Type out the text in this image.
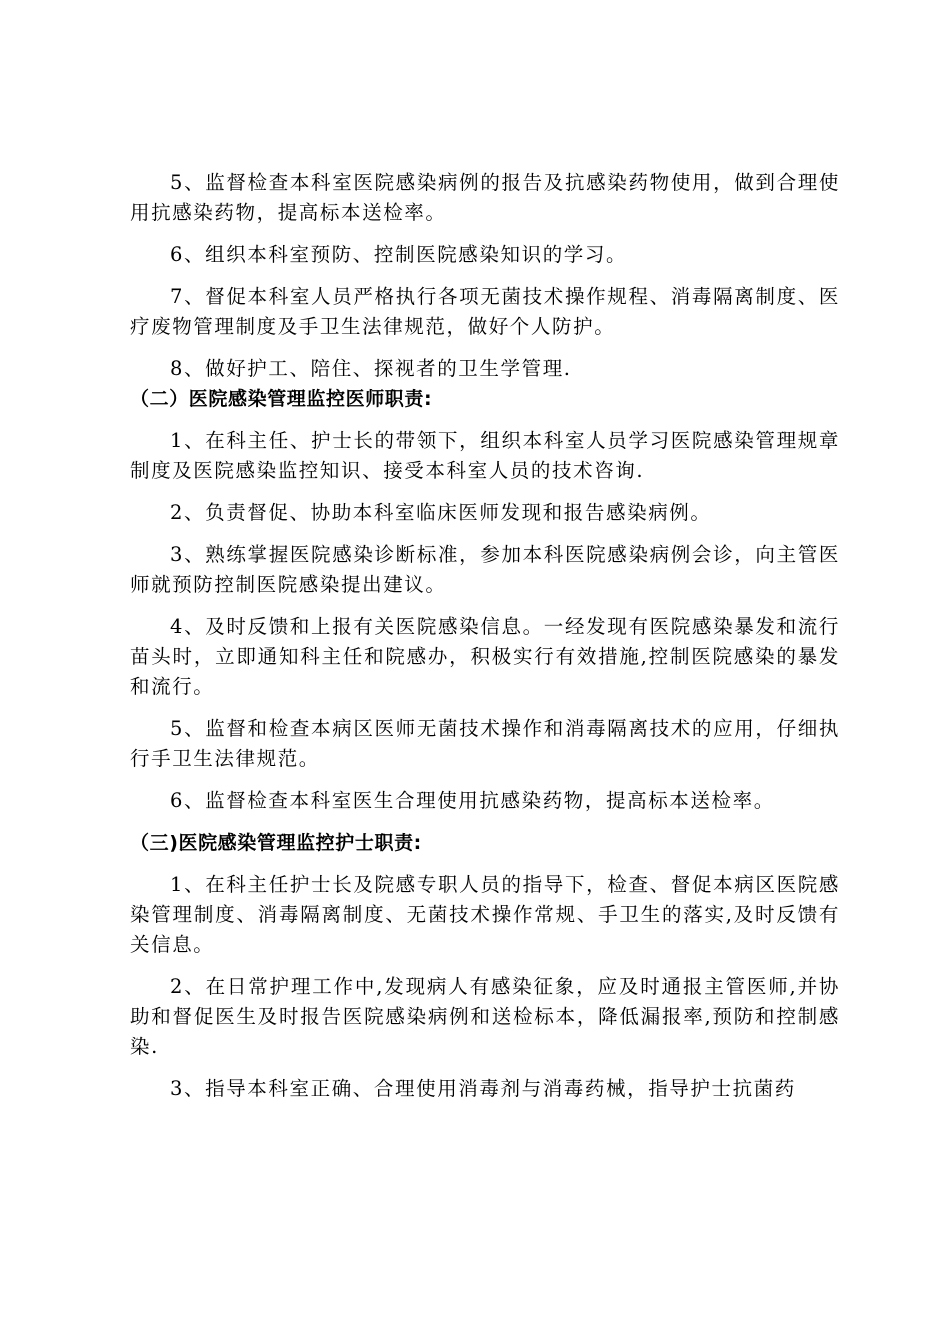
5、监督检查本科室医院感染病例的报告及抗感染药物使用，做到合理使用抗感染药物，提高标本送检率。

6、组织本科室预防、控制医院感染知识的学习。

7、督促本科室人员严格执行各项无菌技术操作规程、消毒隔离制度、医疗废物管理制度及手卫生法律规范，做好个人防护。

8、做好护工、陪住、探视者的卫生学管理.

（二）医院感染管理监控医师职责:

1、在科主任、护士长的带领下，组织本科室人员学习医院感染管理规章制度及医院感染监控知识、接受本科室人员的技术咨询.

2、负责督促、协助本科室临床医师发现和报告感染病例。

3、熟练掌握医院感染诊断标准，参加本科医院感染病例会诊，向主管医师就预防控制医院感染提出建议。

4、及时反馈和上报有关医院感染信息。一经发现有医院感染暴发和流行苗头时，立即通知科主任和院感办，积极实行有效措施,控制医院感染的暴发和流行。

5、监督和检查本病区医师无菌技术操作和消毒隔离技术的应用，仔细执行手卫生法律规范。

6、监督检查本科室医生合理使用抗感染药物，提高标本送检率。

（三)医院感染管理监控护士职责:

1、在科主任护士长及院感专职人员的指导下，检查、督促本病区医院感染管理制度、消毒隔离制度、无菌技术操作常规、手卫生的落实,及时反馈有关信息。

2、在日常护理工作中,发现病人有感染征象，应及时通报主管医师,并协助和督促医生及时报告医院感染病例和送检标本，降低漏报率,预防和控制感染.

3、指导本科室正确、合理使用消毒剂与消毒药械，指导护士抗菌药
